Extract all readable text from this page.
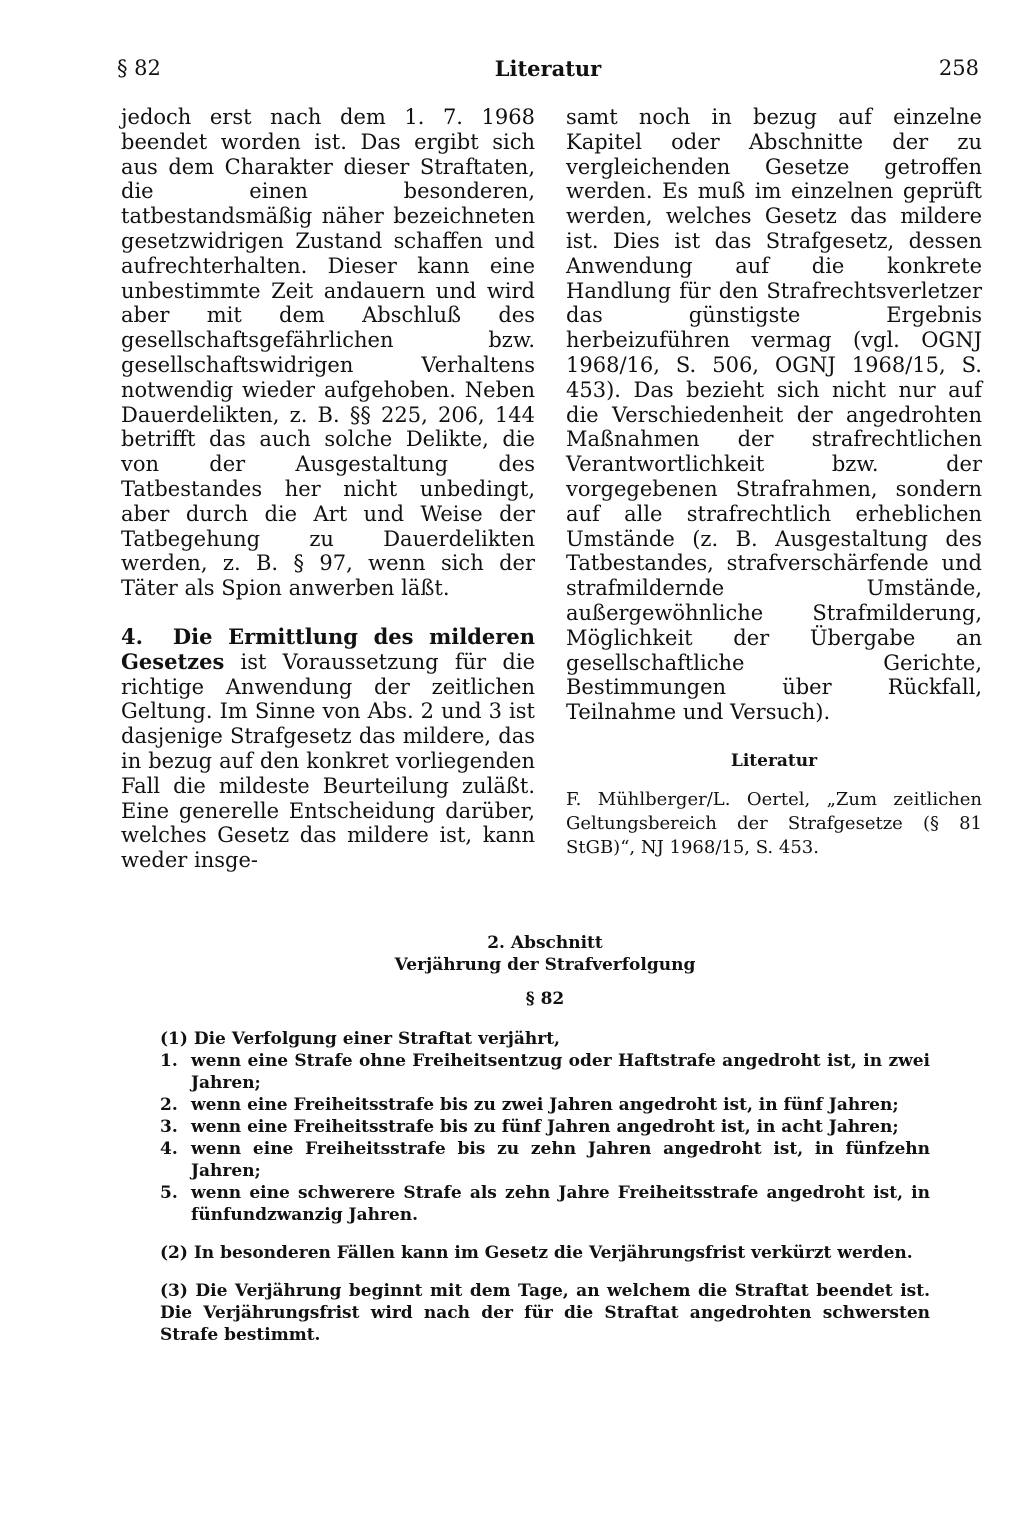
§ 82	Literatur	258

jedoch erst nach dem 1. 7. 1968 beendet worden ist. Das ergibt sich aus dem Charakter dieser Straftaten, die einen besonderen, tatbestandsmäßig näher bezeichneten gesetzwidrigen Zustand schaffen und aufrechterhalten. Dieser kann eine unbestimmte Zeit andauern und wird aber mit dem Abschluß des gesellschaftsgefährlichen bzw. gesellschaftswidrigen Verhaltens notwendig wieder aufgehoben. Neben Dauerdelikten, z. B. §§ 225, 206, 144 betrifft das auch solche Delikte, die von der Ausgestaltung des Tatbestandes her nicht unbedingt, aber durch die Art und Weise der Tatbegehung zu Dauerdelikten werden, z. B. § 97, wenn sich der Täter als Spion anwerben läßt.

4. Die Ermittlung des milderen Gesetzes ist Voraussetzung für die richtige Anwendung der zeitlichen Geltung. Im Sinne von Abs. 2 und 3 ist dasjenige Strafgesetz das mildere, das in bezug auf den konkret vorliegenden Fall die mildeste Beurteilung zuläßt. Eine generelle Entscheidung darüber, welches Gesetz das mildere ist, kann weder insge-

samt noch in bezug auf einzelne Kapitel oder Abschnitte der zu vergleichenden Gesetze getroffen werden. Es muß im einzelnen geprüft werden, welches Gesetz das mildere ist. Dies ist das Strafgesetz, dessen Anwendung auf die konkrete Handlung für den Strafrechtsverletzer das günstigste Ergebnis herbeizuführen vermag (vgl. OGNJ 1968/16, S. 506, OGNJ 1968/15, S. 453). Das bezieht sich nicht nur auf die Verschiedenheit der angedrohten Maßnahmen der strafrechtlichen Verantwortlichkeit bzw. der vorgegebenen Strafrahmen, sondern auf alle strafrechtlich erheblichen Umstände (z. B. Ausgestaltung des Tatbestandes, strafverschärfende und strafmildernde Umstände, außergewöhnliche Strafmilderung, Möglichkeit der Übergabe an gesellschaftliche Gerichte, Bestimmungen über Rückfall, Teilnahme und Versuch).

Literatur
F. Mühlberger/L. Oertel, „Zum zeitlichen Geltungsbereich der Strafgesetze (§ 81 StGB)“, NJ 1968/15, S. 453.

2. Abschnitt

Verjährung der Strafverfolgung

§ 82

(1) Die Verfolgung einer Straftat verjährt,

1. wenn eine Strafe ohne Freiheitsentzug oder Haftstrafe angedroht ist, in zwei Jahren;
2. wenn eine Freiheitsstrafe bis zu zwei Jahren angedroht ist, in fünf Jahren;
3. wenn eine Freiheitsstrafe bis zu fünf Jahren angedroht ist, in acht Jahren;
4. wenn eine Freiheitsstrafe bis zu zehn Jahren angedroht ist, in fünfzehn Jahren;
5. wenn eine schwerere Strafe als zehn Jahre Freiheitsstrafe angedroht ist, in fünfundzwanzig Jahren.

(2) In besonderen Fällen kann im Gesetz die Verjährungsfrist verkürzt werden.

(3) Die Verjährung beginnt mit dem Tage, an welchem die Straftat beendet ist. Die Verjährungsfrist wird nach der für die Straftat angedrohten schwersten Strafe bestimmt.
